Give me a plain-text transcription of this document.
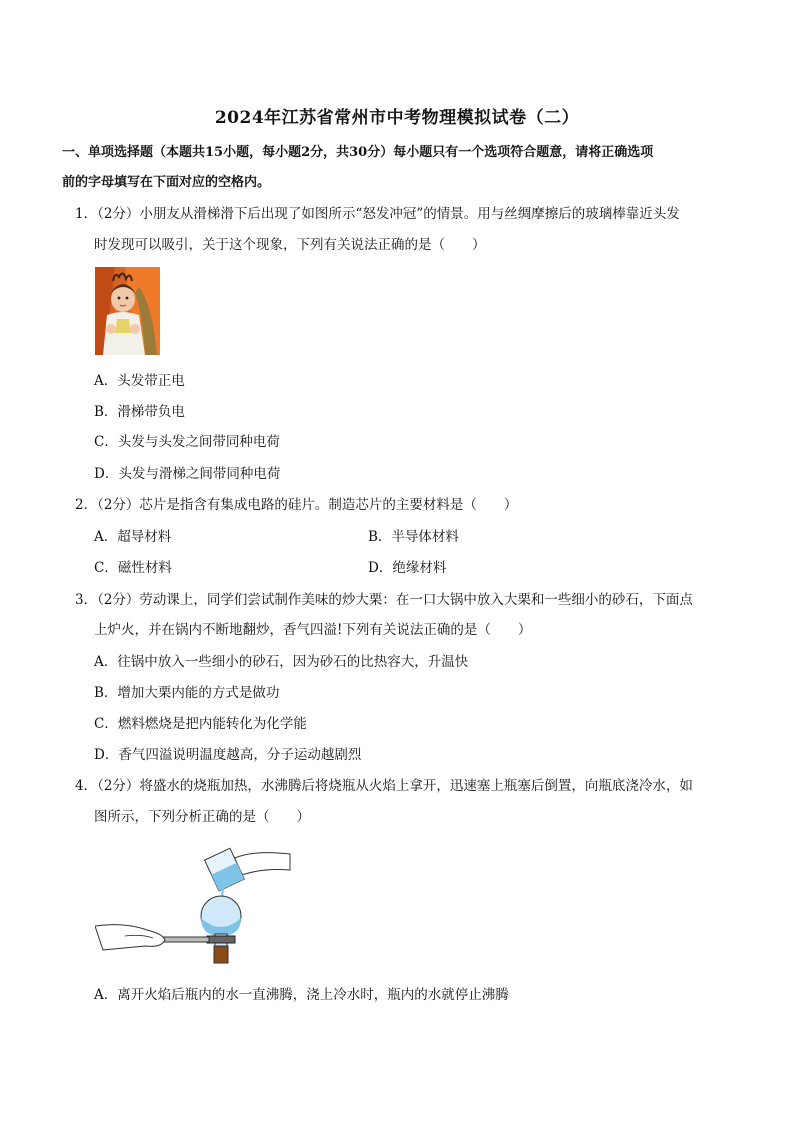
2024年江苏省常州市中考物理模拟试卷（二）
一、单项选择题（本题共15小题，每小题2分，共30分）每小题只有一个选项符合题意，请将正确选项
前的字母填写在下面对应的空格内。
1．（2分）小朋友从滑梯滑下后出现了如图所示“怒发冲冠”的情景。用与丝绸摩擦后的玻璃棒靠近头发
时发现可以吸引，关于这个现象，下列有关说法正确的是（　　）
A．头发带正电
B．滑梯带负电
C．头发与头发之间带同种电荷
D．头发与滑梯之间带同种电荷
2．（2分）芯片是指含有集成电路的硅片。制造芯片的主要材料是（　　）
A．超导材料	B．半导体材料
C．磁性材料	D．绝缘材料
3．（2分）劳动课上，同学们尝试制作美味的炒大栗：在一口大锅中放入大栗和一些细小的砂石，下面点
上炉火，并在锅内不断地翻炒，香气四溢!下列有关说法正确的是（　　）
A．往锅中放入一些细小的砂石，因为砂石的比热容大，升温快
B．增加大栗内能的方式是做功
C．燃料燃烧是把内能转化为化学能
D．香气四溢说明温度越高，分子运动越剧烈
4．（2分）将盛水的烧瓶加热，水沸腾后将烧瓶从火焰上拿开，迅速塞上瓶塞后倒置，向瓶底浇冷水，如
图所示，下列分析正确的是（　　）
A．离开火焰后瓶内的水一直沸腾，浇上冷水时，瓶内的水就停止沸腾
